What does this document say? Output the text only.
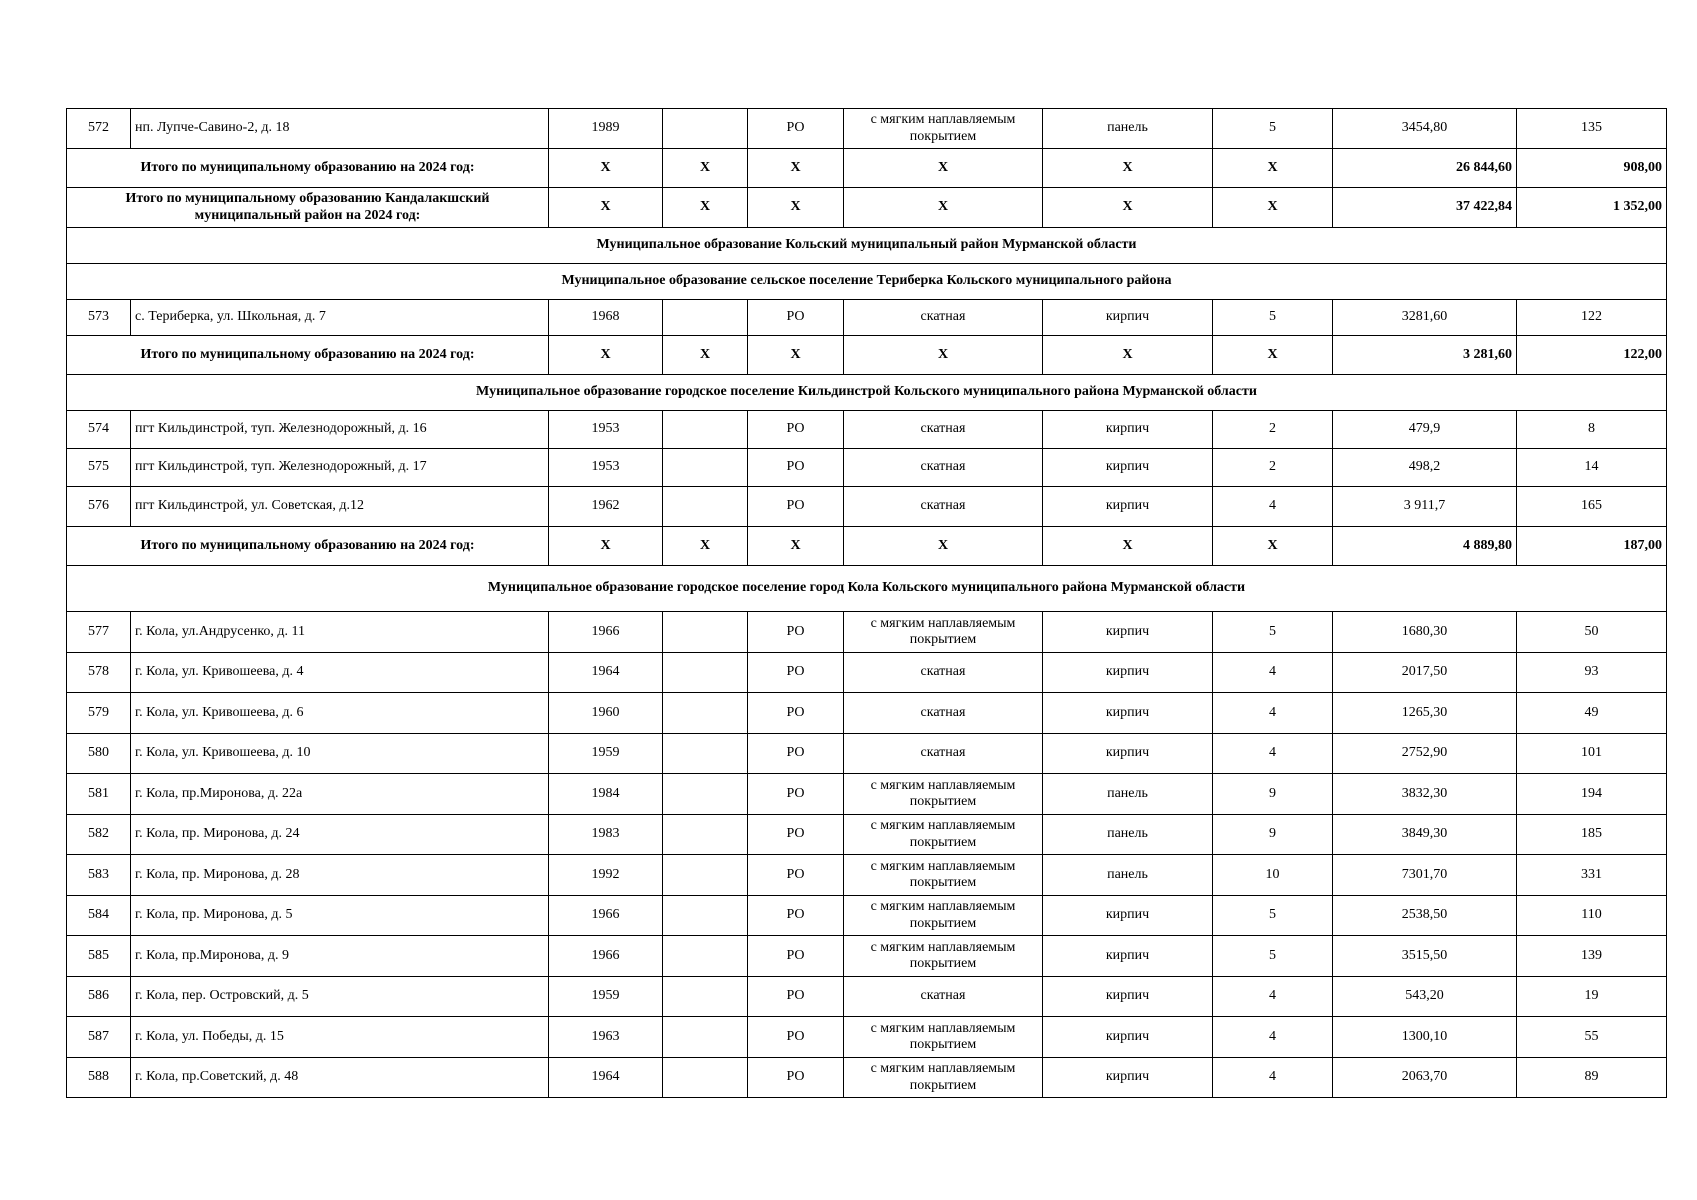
572	нп. Лупче-Савино-2, д. 18	1989		РО	с мягким наплавляемым покрытием	панель	5	3454,80	135
Итого по муниципальному образованию на 2024 год:		X	X	X	X	X	X	26 844,60	908,00
Итого по муниципальному образованию Кандалакшский муниципальный район на 2024 год:		X	X	X	X	X	X	37 422,84	1 352,00
Муниципальное образование Кольский муниципальный район Мурманской области									
Муниципальное образование сельское поселение Териберка Кольского муниципального района									
573	с. Териберка, ул. Школьная, д. 7	1968		РО	скатная	кирпич	5	3281,60	122
Итого по муниципальному образованию на 2024 год:		X	X	X	X	X	X	3 281,60	122,00
Муниципальное образование городское поселение Кильдинстрой Кольского муниципального района Мурманской области									
574	пгт Кильдинстрой, туп. Железнодорожный, д. 16	1953		РО	скатная	кирпич	2	479,9	8
575	пгт Кильдинстрой, туп. Железнодорожный, д. 17	1953		РО	скатная	кирпич	2	498,2	14
576	пгт Кильдинстрой, ул. Советская, д.12	1962		РО	скатная	кирпич	4	3 911,7	165
Итого по муниципальному образованию на 2024 год:		X	X	X	X	X	X	4 889,80	187,00
Муниципальное образование городское поселение город Кола Кольского муниципального района Мурманской области									
577	г. Кола, ул.Андрусенко, д. 11	1966		РО	с мягким наплавляемым покрытием	кирпич	5	1680,30	50
578	г. Кола, ул. Кривошеева, д. 4	1964		РО	скатная	кирпич	4	2017,50	93
579	г. Кола, ул. Кривошеева, д. 6	1960		РО	скатная	кирпич	4	1265,30	49
580	г. Кола, ул. Кривошеева, д. 10	1959		РО	скатная	кирпич	4	2752,90	101
581	г. Кола, пр.Миронова, д. 22а	1984		РО	с мягким наплавляемым покрытием	панель	9	3832,30	194
582	г. Кола, пр. Миронова, д. 24	1983		РО	с мягким наплавляемым покрытием	панель	9	3849,30	185
583	г. Кола, пр. Миронова, д. 28	1992		РО	с мягким наплавляемым покрытием	панель	10	7301,70	331
584	г. Кола, пр. Миронова, д. 5	1966		РО	с мягким наплавляемым покрытием	кирпич	5	2538,50	110
585	г. Кола, пр.Миронова, д. 9	1966		РО	с мягким наплавляемым покрытием	кирпич	5	3515,50	139
586	г. Кола, пер. Островский, д. 5	1959		РО	скатная	кирпич	4	543,20	19
587	г. Кола, ул. Победы, д. 15	1963		РО	с мягким наплавляемым покрытием	кирпич	4	1300,10	55
588	г. Кола, пр.Советский, д. 48	1964		РО	с мягким наплавляемым покрытием	кирпич	4	2063,70	89
